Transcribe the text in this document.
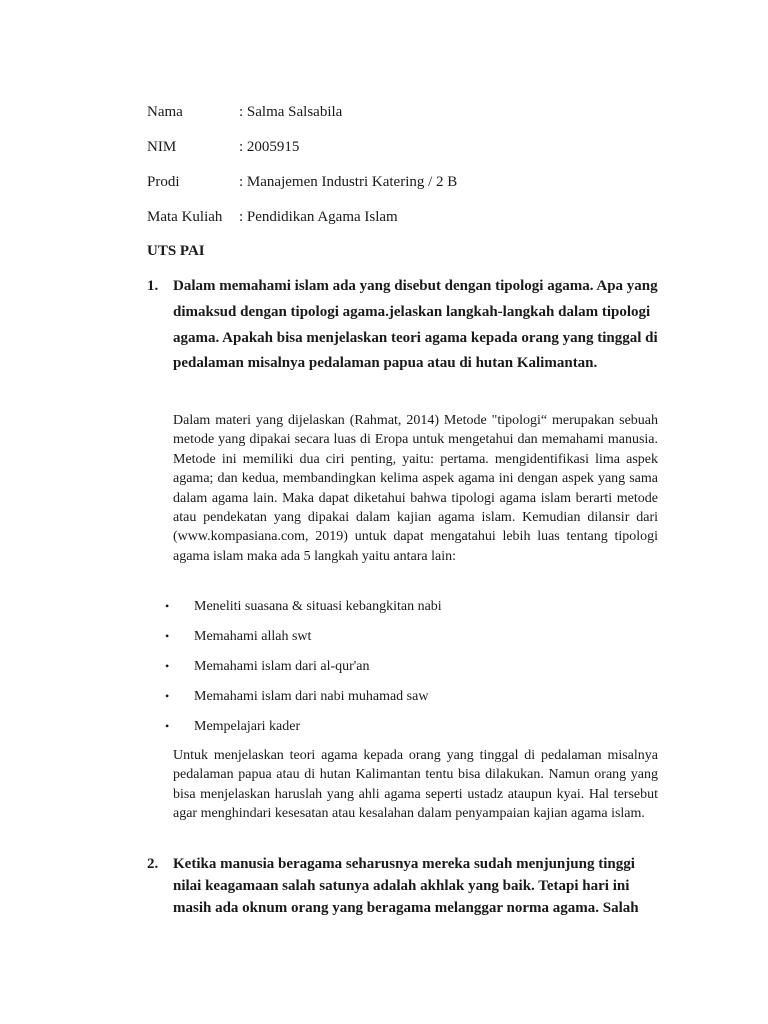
Nama	: Salma Salsabila
NIM	: 2005915
Prodi	: Manajemen Industri Katering / 2 B
Mata Kuliah : Pendidikan Agama Islam
UTS PAI
1. Dalam memahami islam ada yang disebut dengan tipologi agama. Apa yang dimaksud dengan tipologi agama.jelaskan langkah-langkah dalam tipologi agama. Apakah bisa menjelaskan teori agama kepada orang yang tinggal di pedalaman misalnya pedalaman papua atau di hutan Kalimantan.
Dalam materi yang dijelaskan (Rahmat, 2014) Metode "tipologi“ merupakan sebuah metode yang dipakai secara luas di Eropa untuk mengetahui dan memahami manusia. Metode ini memiliki dua ciri penting, yaitu: pertama. mengidentifikasi lima aspek agama; dan kedua, membandingkan kelima aspek agama ini dengan aspek yang sama dalam agama lain. Maka dapat diketahui bahwa tipologi agama islam berarti metode atau pendekatan yang dipakai dalam kajian agama islam. Kemudian dilansir dari (www.kompasiana.com, 2019) untuk dapat mengatahui lebih luas tentang tipologi agama islam maka ada 5 langkah yaitu antara lain:
• Meneliti suasana & situasi kebangkitan nabi
• Memahami allah swt
• Memahami islam dari al-qur'an
• Memahami islam dari nabi muhamad saw
• Mempelajari kader
Untuk menjelaskan teori agama kepada orang yang tinggal di pedalaman misalnya pedalaman papua atau di hutan Kalimantan tentu bisa dilakukan. Namun orang yang bisa menjelaskan haruslah yang ahli agama seperti ustadz ataupun kyai. Hal tersebut agar menghindari kesesatan atau kesalahan dalam penyampaian kajian agama islam.
2. Ketika manusia beragama seharusnya mereka sudah menjunjung tinggi nilai keagamaan salah satunya adalah akhlak yang baik. Tetapi hari ini masih ada oknum orang yang beragama melanggar norma agama. Salah
